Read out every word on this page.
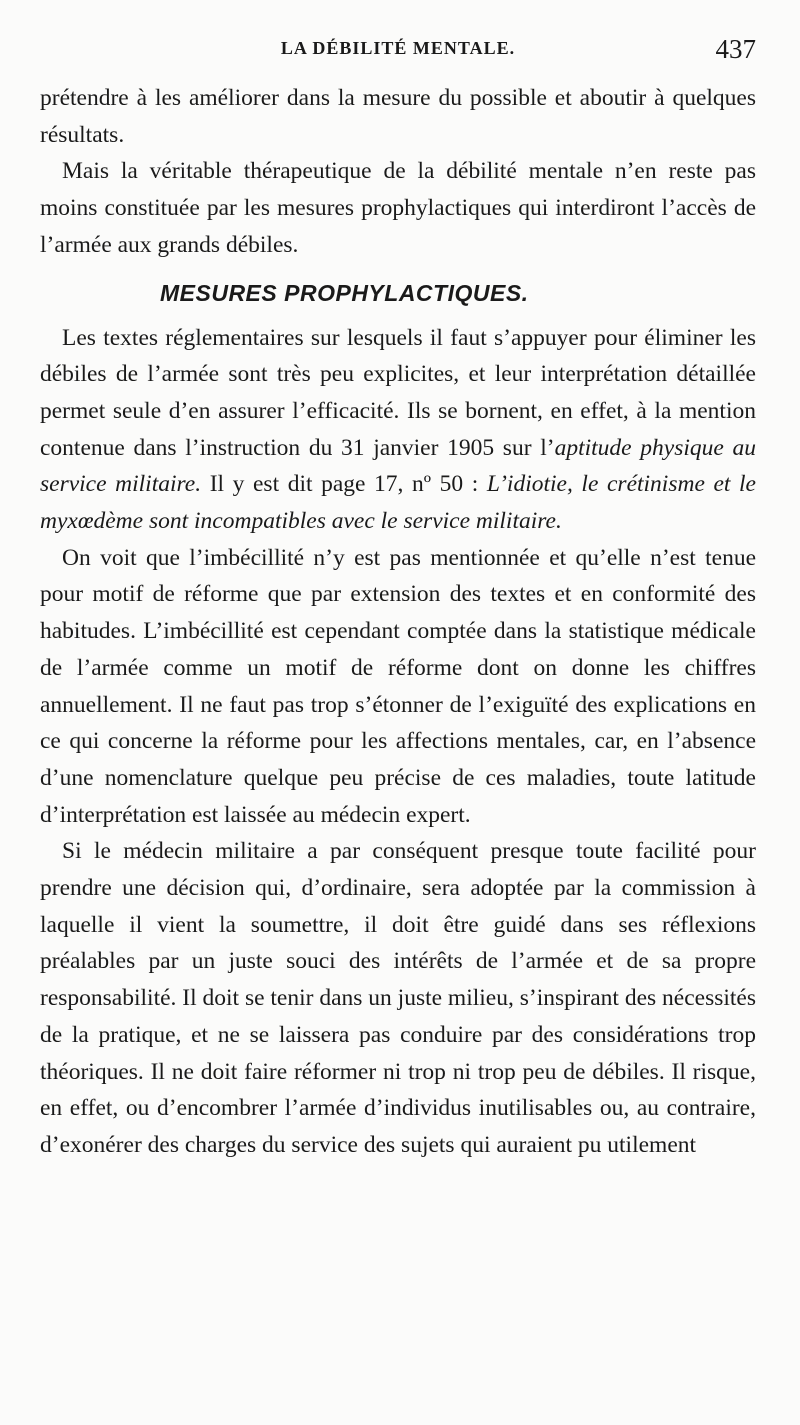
LA DÉBILITÉ MENTALE.	437

prétendre à les améliorer dans la mesure du possible et aboutir à quelques résultats.

Mais la véritable thérapeutique de la débilité mentale n’en reste pas moins constituée par les mesures prophylactiques qui interdiront l’accès de l’armée aux grands débiles.

MESURES PROPHYLACTIQUES.

Les textes réglementaires sur lesquels il faut s’appuyer pour éliminer les débiles de l’armée sont très peu explicites, et leur interprétation détaillée permet seule d’en assurer l’efficacité. Ils se bornent, en effet, à la mention contenue dans l’instruction du 31 janvier 1905 sur l’aptitude physique au service militaire. Il y est dit page 17, nº 50 : L’idiotie, le crétinisme et le myxœdème sont incompatibles avec le service militaire.

On voit que l’imbécillité n’y est pas mentionnée et qu’elle n’est tenue pour motif de réforme que par extension des textes et en conformité des habitudes. L’imbécillité est cependant comptée dans la statistique médicale de l’armée comme un motif de réforme dont on donne les chiffres annuellement. Il ne faut pas trop s’étonner de l’exiguïté des explications en ce qui concerne la réforme pour les affections mentales, car, en l’absence d’une nomenclature quelque peu précise de ces maladies, toute latitude d’interprétation est laissée au médecin expert.

Si le médecin militaire a par conséquent presque toute facilité pour prendre une décision qui, d’ordinaire, sera adoptée par la commission à laquelle il vient la soumettre, il doit être guidé dans ses réflexions préalables par un juste souci des intérêts de l’armée et de sa propre responsabilité. Il doit se tenir dans un juste milieu, s’inspirant des nécessités de la pratique, et ne se laissera pas conduire par des considérations trop théoriques. Il ne doit faire réformer ni trop ni trop peu de débiles. Il risque, en effet, ou d’encombrer l’armée d’individus inutilisables ou, au contraire, d’exonérer des charges du service des sujets qui auraient pu utilement
